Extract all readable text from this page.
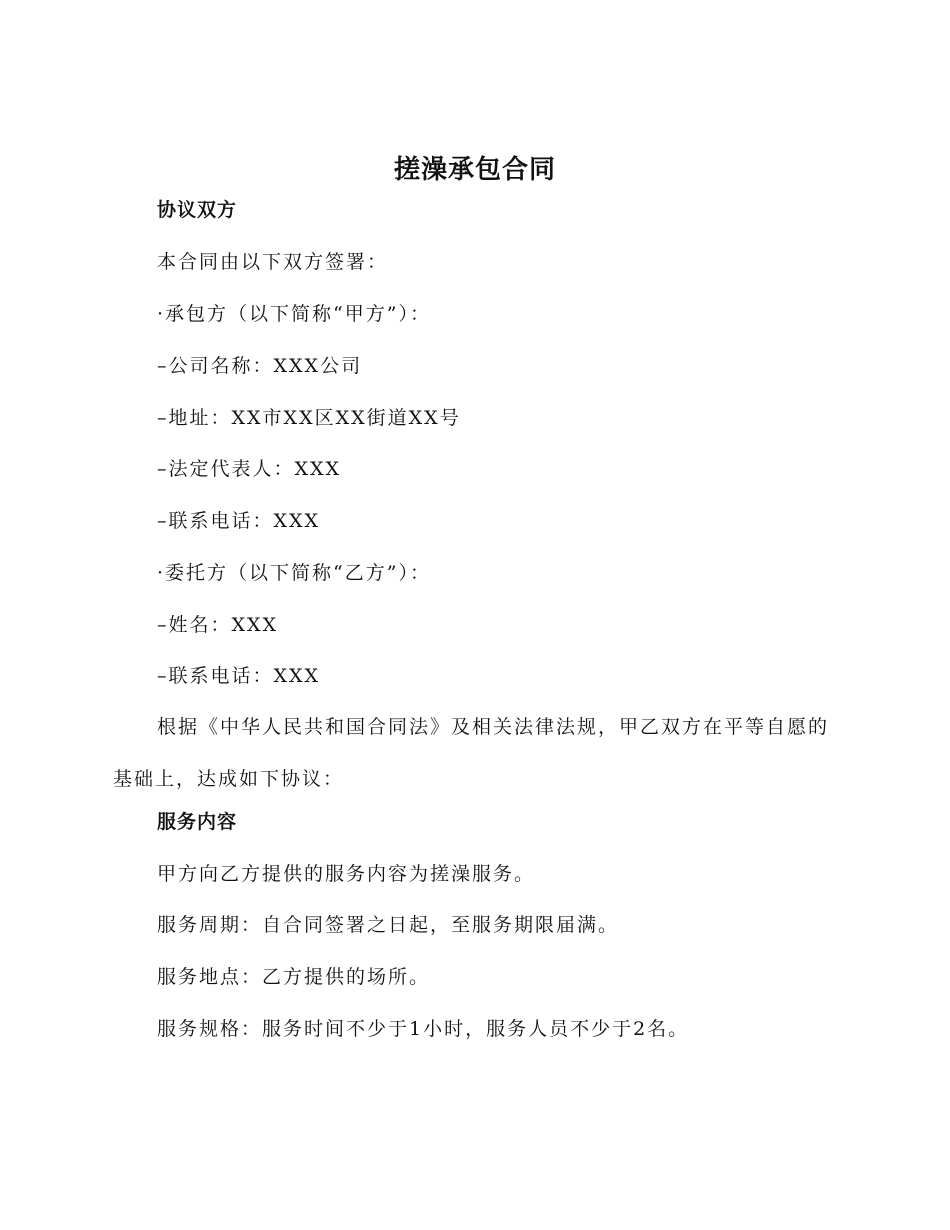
搓澡承包合同

协议双方

本合同由以下双方签署：

·承包方（以下简称“甲方”）：

–公司名称：XXX公司

–地址：XX市XX区XX街道XX号

–法定代表人：XXX

–联系电话：XXX

·委托方（以下简称“乙方”）：

–姓名：XXX

–联系电话：XXX

根据《中华人民共和国合同法》及相关法律法规，甲乙双方在平等自愿的基础上，达成如下协议：

服务内容

甲方向乙方提供的服务内容为搓澡服务。

服务周期：自合同签署之日起，至服务期限届满。

服务地点：乙方提供的场所。

服务规格：服务时间不少于1小时，服务人员不少于2名。
